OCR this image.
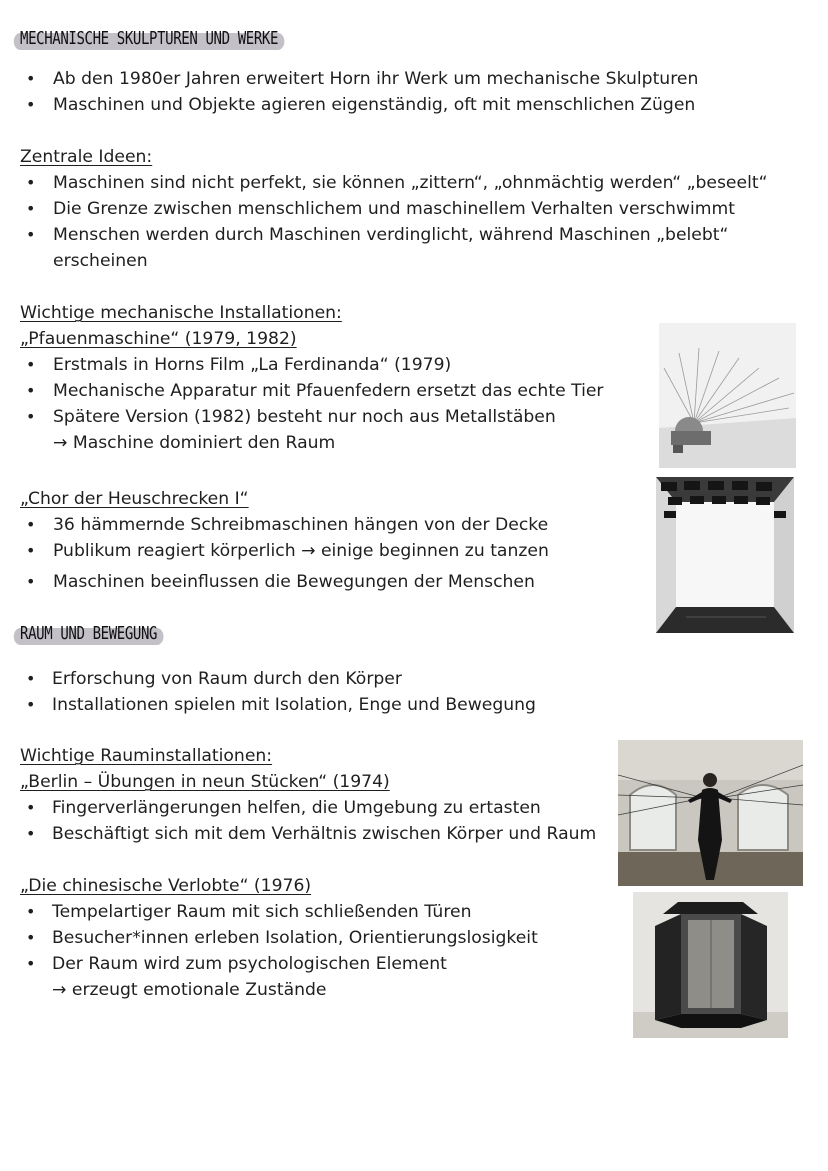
MECHANISCHE SKULPTUREN UND WERKE
• Ab den 1980er Jahren erweitert Horn ihr Werk um mechanische Skulpturen
• Maschinen und Objekte agieren eigenständig, oft mit menschlichen Zügen
Zentrale Ideen:
• Maschinen sind nicht perfekt, sie können „zittern“, „ohnmächtig werden“ „beseelt“
• Die Grenze zwischen menschlichem und maschinellem Verhalten verschwimmt
• Menschen werden durch Maschinen verdinglicht, während Maschinen „belebt“
erscheinen
Wichtige mechanische Installationen:
„Pfauenmaschine“ (1979, 1982)
• Erstmals in Horns Film „La Ferdinanda“ (1979)
• Mechanische Apparatur mit Pfauenfedern ersetzt das echte Tier
• Spätere Version (1982) besteht nur noch aus Metallstäben
→ Maschine dominiert den Raum
„Chor der Heuschrecken I“
• 36 hämmernde Schreibmaschinen hängen von der Decke
• Publikum reagiert körperlich → einige beginnen zu tanzen
• Maschinen beeinflussen die Bewegungen der Menschen
RAUM UND BEWEGUNG
• Erforschung von Raum durch den Körper
• Installationen spielen mit Isolation, Enge und Bewegung
Wichtige Rauminstallationen:
„Berlin – Übungen in neun Stücken“ (1974)
• Fingerverlängerungen helfen, die Umgebung zu ertasten
• Beschäftigt sich mit dem Verhältnis zwischen Körper und Raum
„Die chinesische Verlobte“ (1976)
• Tempelartiger Raum mit sich schließenden Türen
• Besucher*innen erleben Isolation, Orientierungslosigkeit
• Der Raum wird zum psychologischen Element
→ erzeugt emotionale Zustände
